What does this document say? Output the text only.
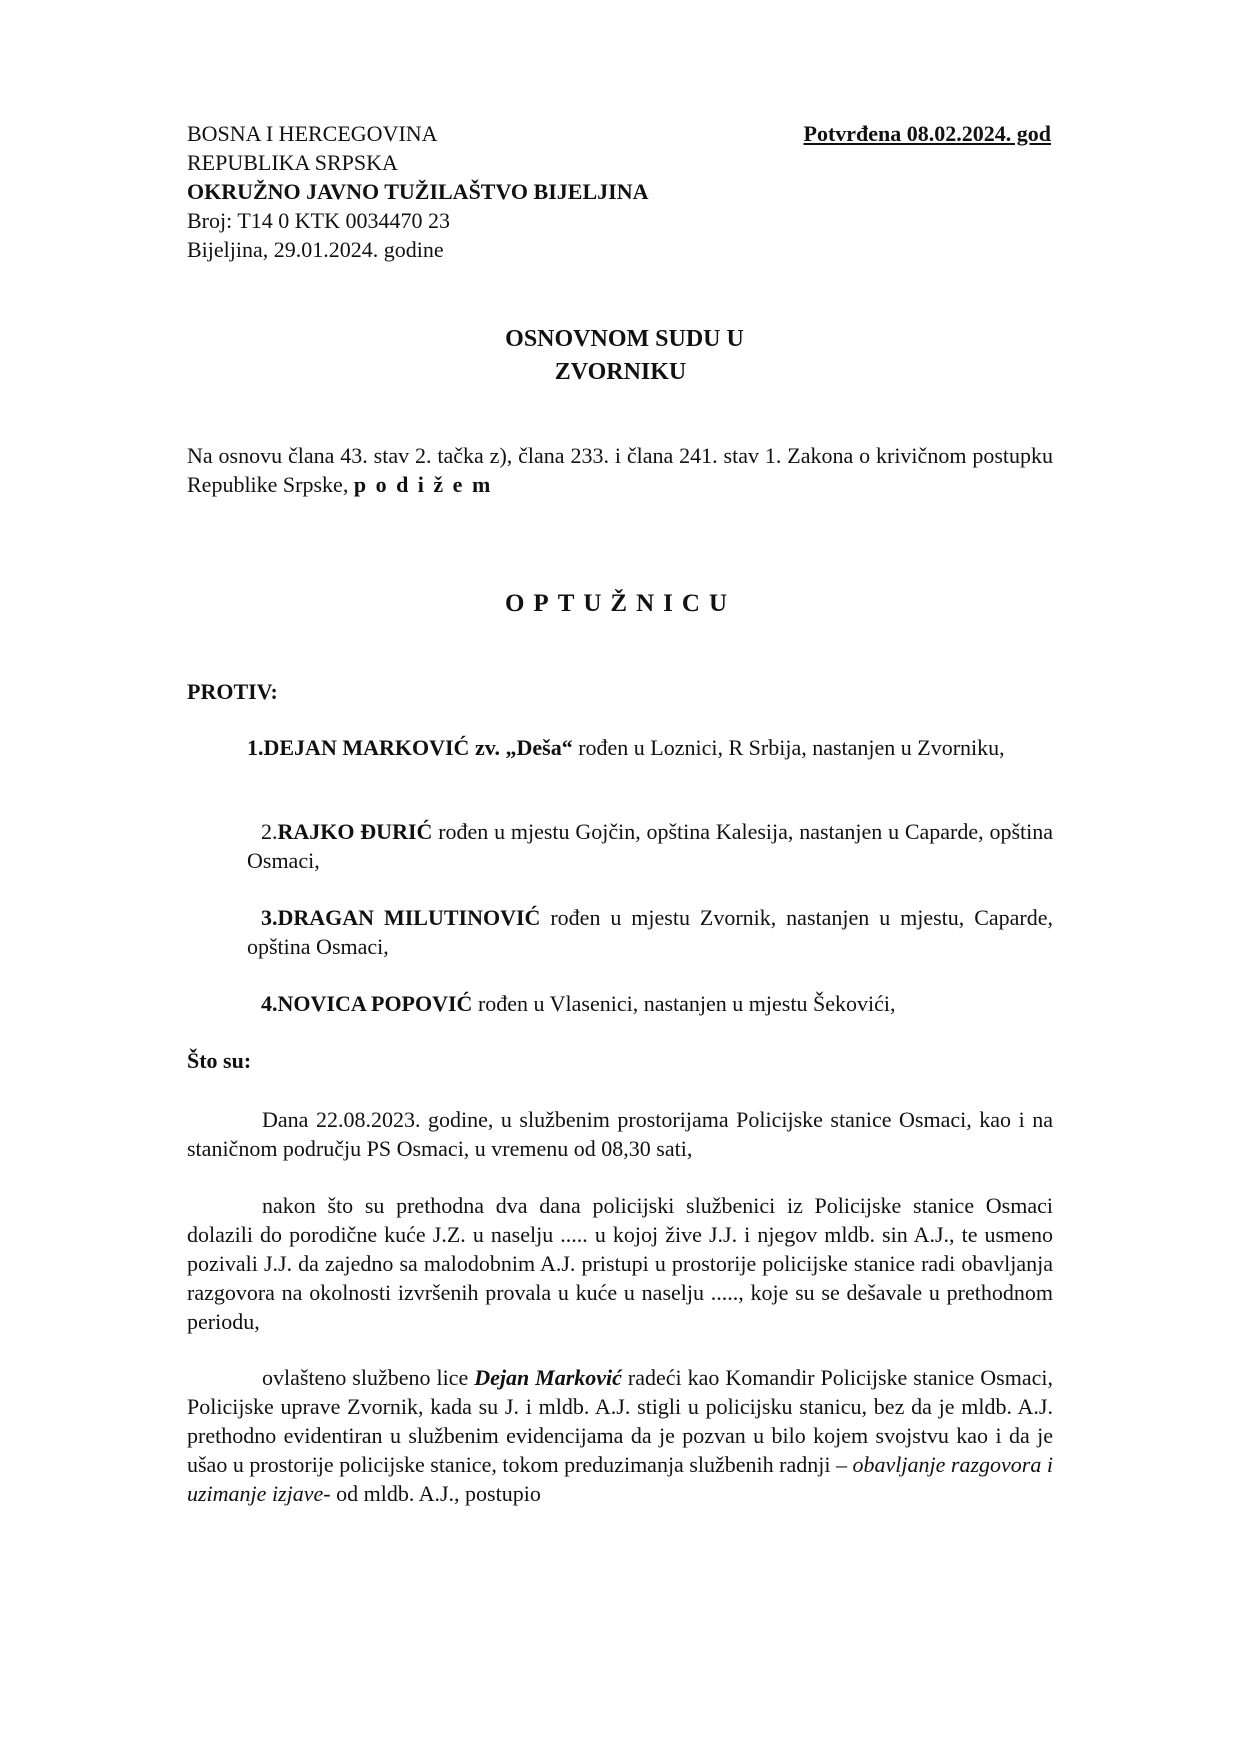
BOSNA I HERCEGOVINA
REPUBLIKA SRPSKA
OKRUŽNO JAVNO TUŽILAŠTVO BIJELJINA
Broj: T14 0 KTK 0034470 23
Bijeljina, 29.01.2024. godine
Potvrđena 08.02.2024. god
OSNOVNOM SUDU U
ZVORNIKU
Na osnovu člana 43. stav 2. tačka z), člana 233. i člana 241. stav 1. Zakona o krivičnom postupku Republike Srpske, p o d i ž e m
OPTUŽNICU
PROTIV:
1.DEJAN MARKOVIĆ zv. „Deša“ rođen u Loznici, R Srbija, nastanjen u Zvorniku,
2.RAJKO ĐURIĆ rođen u mjestu Gojčin, opština Kalesija, nastanjen u Caparde, opština Osmaci,
3.DRAGAN MILUTINOVIĆ rođen u mjestu Zvornik, nastanjen u mjestu, Caparde, opština Osmaci,
4.NOVICA POPOVIĆ rođen u Vlasenici, nastanjen u mjestu Šekovići,
Što su:
Dana 22.08.2023. godine, u službenim prostorijama Policijske stanice Osmaci, kao i na staničnom području PS Osmaci, u vremenu od 08,30 sati,
nakon što su prethodna dva dana policijski službenici iz Policijske stanice Osmaci dolazili do porodične kuće J.Z. u naselju ..... u kojoj žive J.J. i njegov mldb. sin A.J., te usmeno pozivali J.J. da zajedno sa malodobnim A.J. pristupi u prostorije policijske stanice radi obavljanja razgovora na okolnosti izvršenih provala u kuće u naselju ....., koje su se dešavale u prethodnom periodu,
ovlašteno službeno lice Dejan Marković radeći kao Komandir Policijske stanice Osmaci, Policijske uprave Zvornik, kada su J. i mldb. A.J. stigli u policijsku stanicu, bez da je mldb. A.J. prethodno evidentiran u službenim evidencijama da je pozvan u bilo kojem svojstvu kao i da je ušao u prostorije policijske stanice, tokom preduzimanja službenih radnji – obavljanje razgovora i uzimanje izjave- od mldb. A.J., postupio
